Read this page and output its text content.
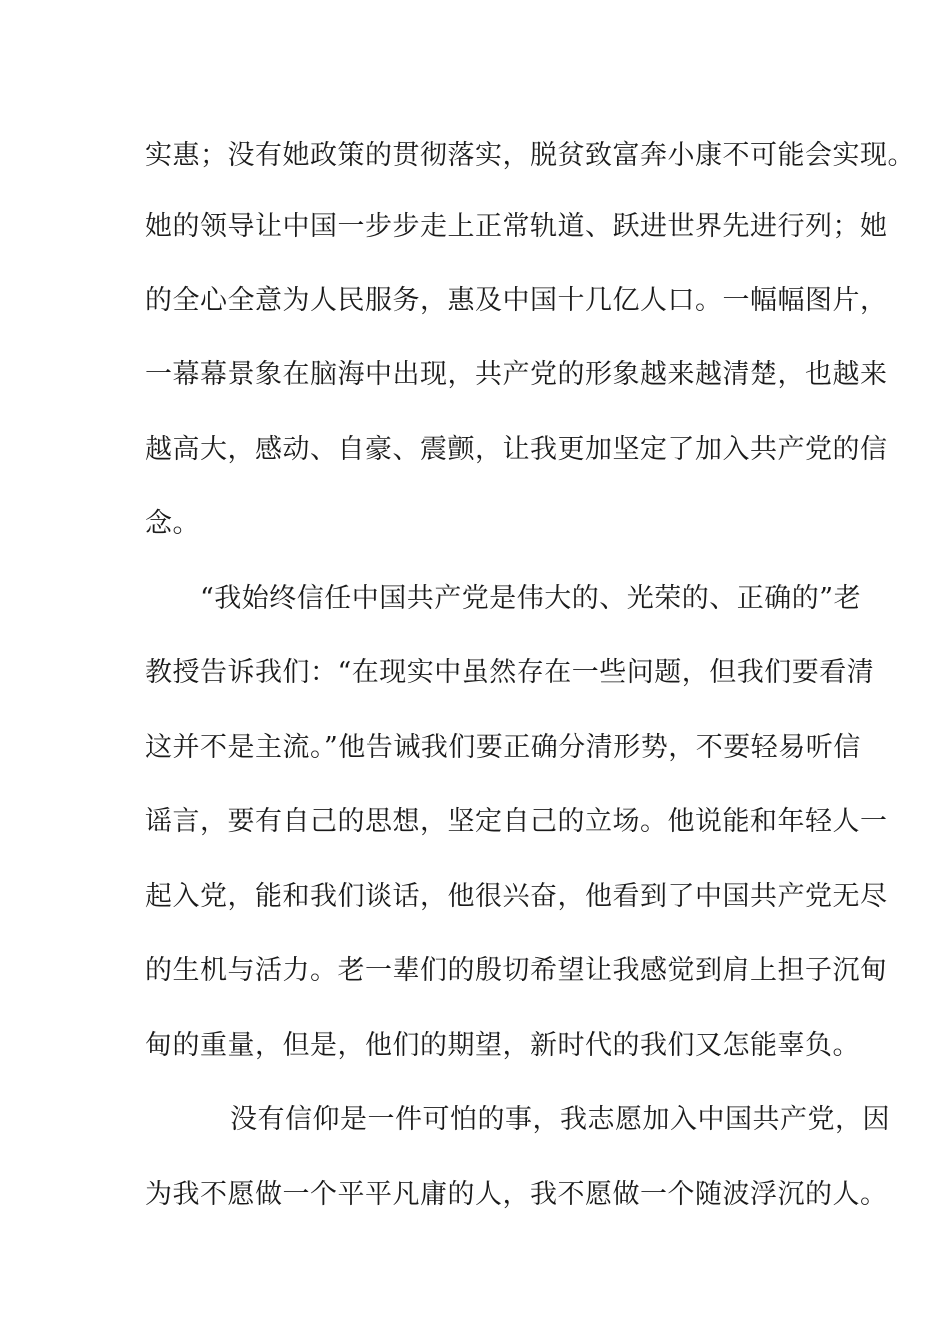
实惠；没有她政策的贯彻落实，脱贫致富奔小康不可能会实现。
她的领导让中国一步步走上正常轨道、跃进世界先进行列；她
的全心全意为人民服务，惠及中国十几亿人口。一幅幅图片，
一幕幕景象在脑海中出现，共产党的形象越来越清楚，也越来
越高大，感动、自豪、震颤，让我更加坚定了加入共产党的信
念。
“我始终信任中国共产党是伟大的、光荣的、正确的”老
教授告诉我们：“在现实中虽然存在一些问题，但我们要看清
这并不是主流。”他告诫我们要正确分清形势，不要轻易听信
谣言，要有自己的思想，坚定自己的立场。他说能和年轻人一
起入党，能和我们谈话，他很兴奋，他看到了中国共产党无尽
的生机与活力。老一辈们的殷切希望让我感觉到肩上担子沉甸
甸的重量，但是，他们的期望，新时代的我们又怎能辜负。
没有信仰是一件可怕的事，我志愿加入中国共产党，因
为我不愿做一个平平凡庸的人，我不愿做一个随波浮沉的人。
